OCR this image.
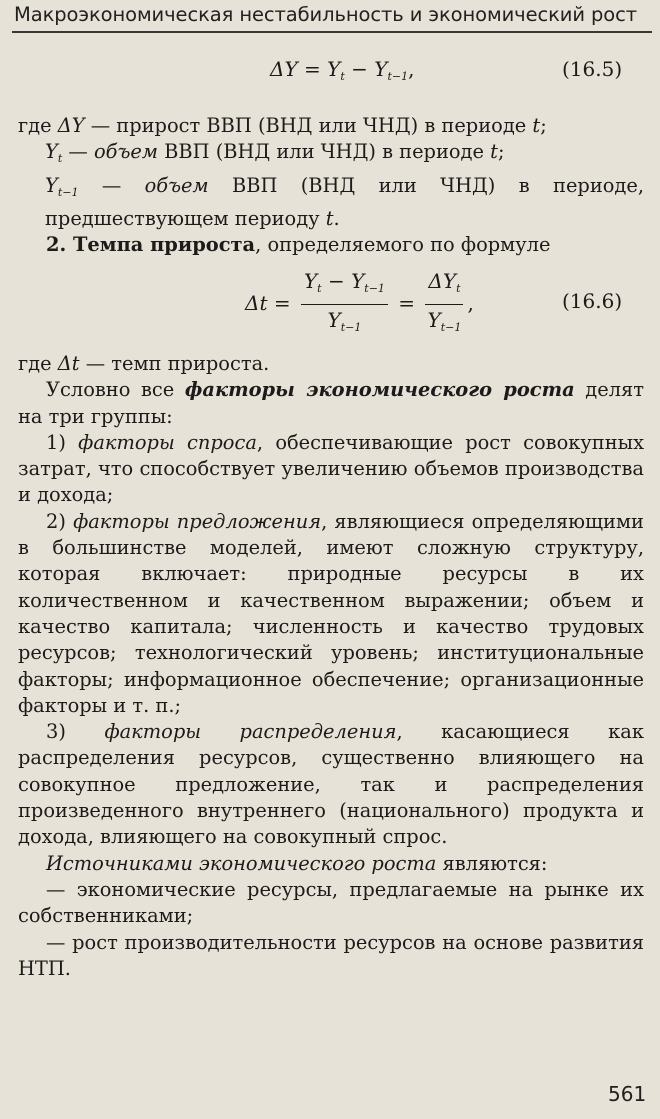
Макроэкономическая нестабильность и экономический рост
$\Delta Y = Y_t - Y_{t-1}$,	(16.5)

где ΔY — прирост ВВП (ВНД или ЧНД) в периоде t;

$Y_t$ — объем ВВП (ВНД или ЧНД) в периоде t;

$Y_{t-1}$ — объем ВВП (ВНД или ЧНД) в периоде, предшествующем периоду t.

2. Темпа прироста, определяемого по формуле

$\Delta t = \frac{Y_t - Y_{t-1}}{Y_{t-1}} = \frac{\Delta Y_t}{Y_{t-1}}$ ,	(16.6)

где Δt — темп прироста.

Условно все факторы экономического роста делят на три группы:

1) факторы спроса, обеспечивающие рост совокупных затрат, что способствует увеличению объемов производства и дохода;

2) факторы предложения, являющиеся определяющими в большинстве моделей, имеют сложную структуру, которая включает: природные ресурсы в их количественном и качественном выражении; объем и качество капитала; численность и качество трудовых ресурсов; технологический уровень; институциональные факторы; информационное обеспечение; организационные факторы и т. п.;

3) факторы распределения, касающиеся как распределения ресурсов, существенно влияющего на совокупное предложение, так и распределения произведенного внутреннего (национального) продукта и дохода, влияющего на совокупный спрос.

Источниками экономического роста являются:

— экономические ресурсы, предлагаемые на рынке их собственниками;

— рост производительности ресурсов на основе развития НТП.

561
